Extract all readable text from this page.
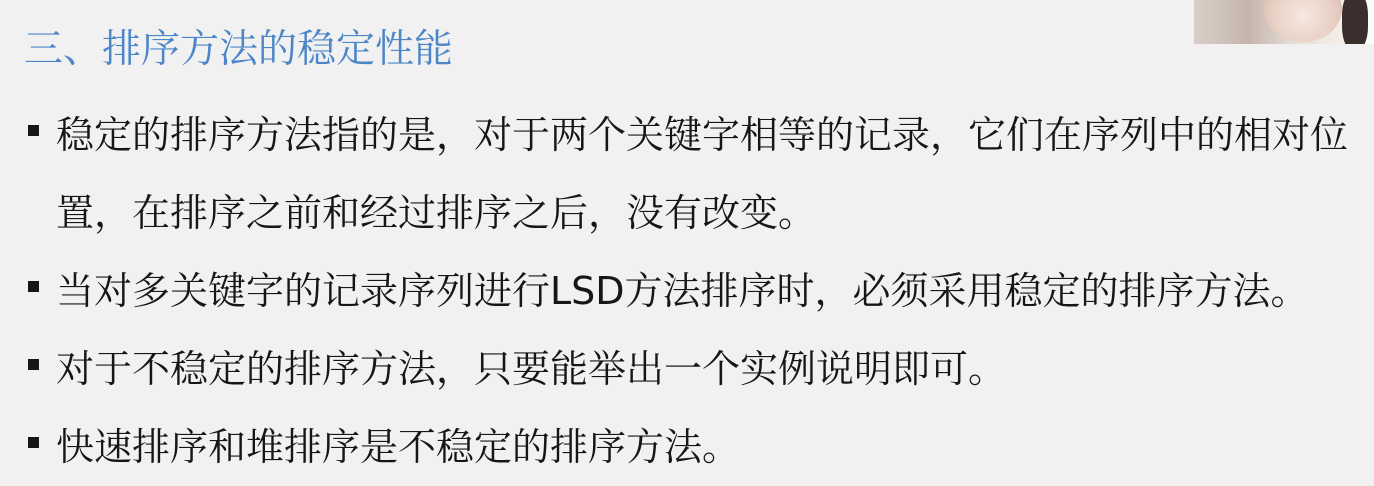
三、排序方法的稳定性能
稳定的排序方法指的是，对于两个关键字相等的记录，它们在序列中的相对位置，在排序之前和经过排序之后，没有改变。
当对多关键字的记录序列进行LSD方法排序时，必须采用稳定的排序方法。
对于不稳定的排序方法，只要能举出一个实例说明即可。
快速排序和堆排序是不稳定的排序方法。
